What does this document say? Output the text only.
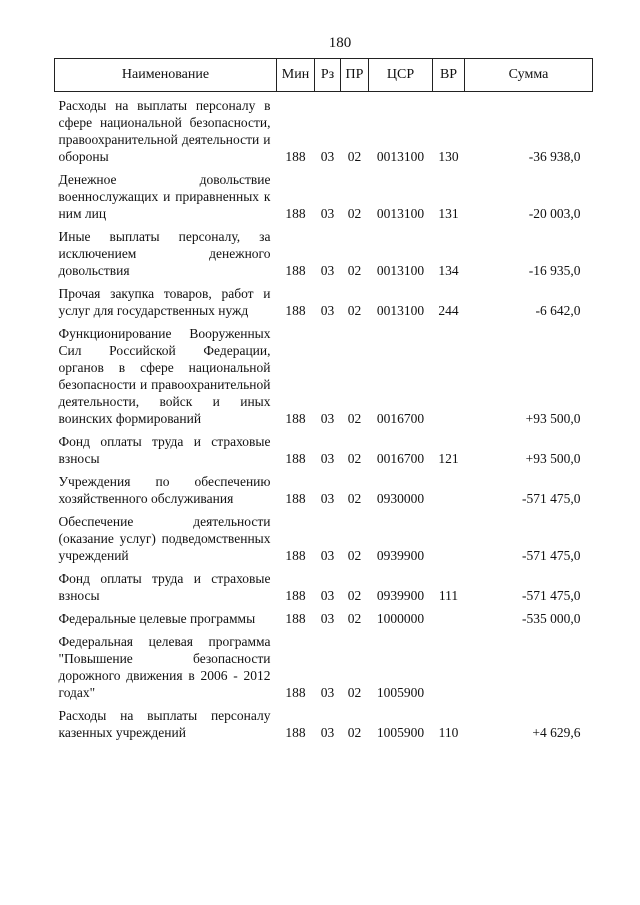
180
Наименование	Мин	Рз	ПР	ЦСР	ВР	Сумма

Расходы на выплаты персоналу в сфере национальной безопасности, правоохранительной деятельности и обороны	188	03	02	0013100	130	-36 938,0
Денежное довольствие военнослужащих и приравненных к ним лиц	188	03	02	0013100	131	-20 003,0
Иные выплаты персоналу, за исключением денежного довольствия	188	03	02	0013100	134	-16 935,0
Прочая закупка товаров, работ и услуг для государственных нужд	188	03	02	0013100	244	-6 642,0
Функционирование Вооруженных Сил Российской Федерации, органов в сфере национальной безопасности и правоохранительной деятельности, войск и иных воинских формирований	188	03	02	0016700		+93 500,0
Фонд оплаты труда и страховые взносы	188	03	02	0016700	121	+93 500,0
Учреждения по обеспечению хозяйственного обслуживания	188	03	02	0930000		-571 475,0
Обеспечение деятельности (оказание услуг) подведомственных учреждений	188	03	02	0939900		-571 475,0
Фонд оплаты труда и страховые взносы	188	03	02	0939900	111	-571 475,0
Федеральные целевые программы	188	03	02	1000000		-535 000,0
Федеральная целевая программа "Повышение безопасности дорожного движения в 2006 - 2012 годах"	188	03	02	1005900		
Расходы на выплаты персоналу казенных учреждений	188	03	02	1005900	110	+4 629,6
